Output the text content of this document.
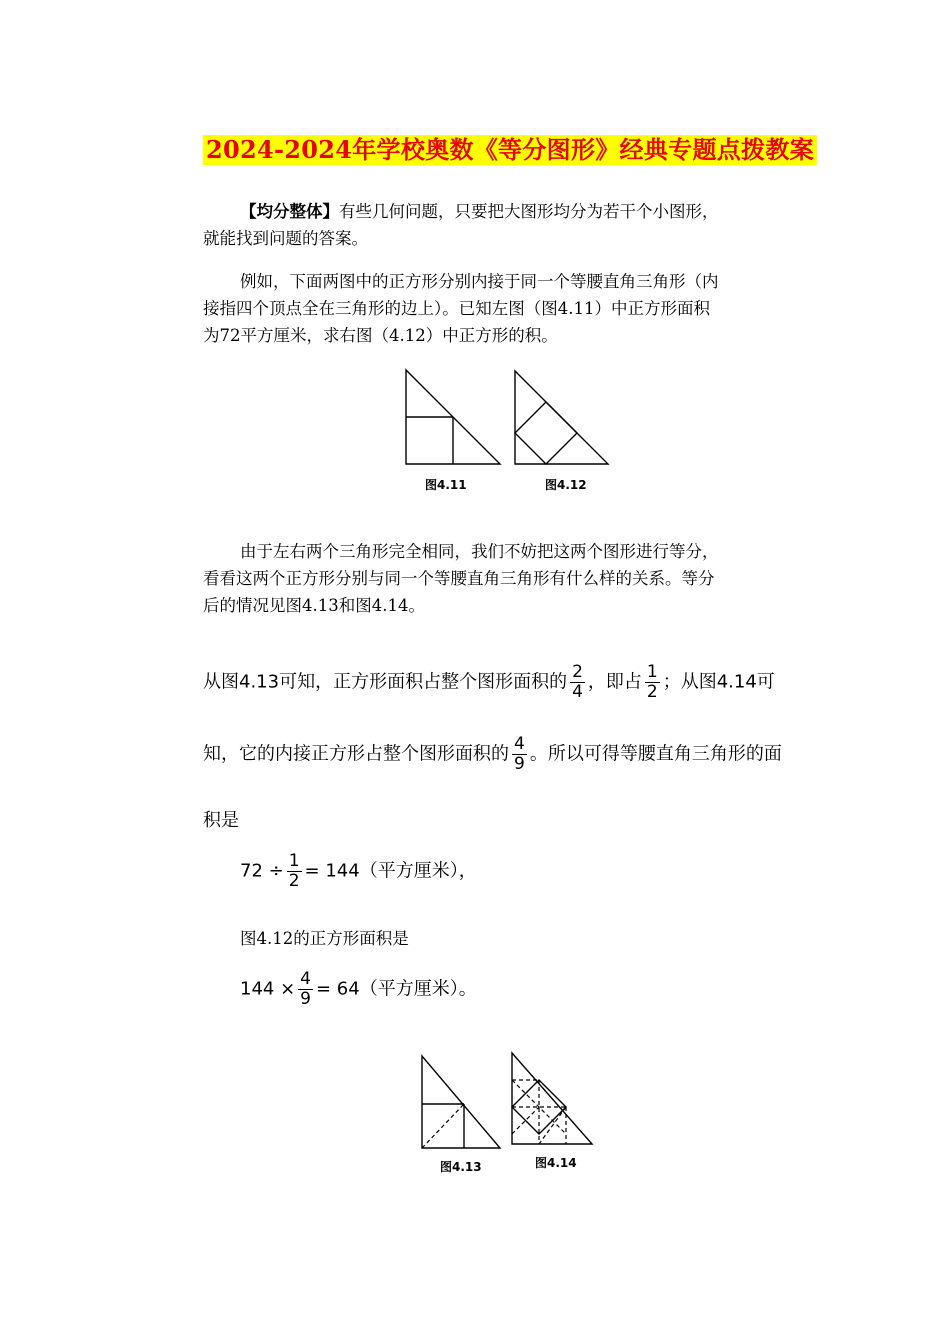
2024-2024年学校奥数《等分图形》经典专题点拨教案
【均分整体】有些几何问题，只要把大图形均分为若干个小图形，
就能找到问题的答案。
例如，下面两图中的正方形分别内接于同一个等腰直角三角形（内
接指四个顶点全在三角形的边上）。已知左图（图4.11）中正方形面积
为72平方厘米，求右图（4.12）中正方形的积。
图4.11	图4.12
由于左右两个三角形完全相同，我们不妨把这两个图形进行等分，
看看这两个正方形分别与同一个等腰直角三角形有什么样的关系。等分
后的情况见图4.13和图4.14。
从图4.13可知，正方形面积占整个图形面积的 $\frac{2}{4}$ ，即占 $\frac{1}{2}$ ；从图4.14可
知，它的内接正方形占整个图形面积的 $\frac{4}{9}$ 。所以可得等腰直角三角形的面
积是
$72 \div \frac{1}{2} = 144$（平方厘米），
图4.12的正方形面积是
$144 \times \frac{4}{9} = 64$（平方厘米）。
图4.13	图4.14
